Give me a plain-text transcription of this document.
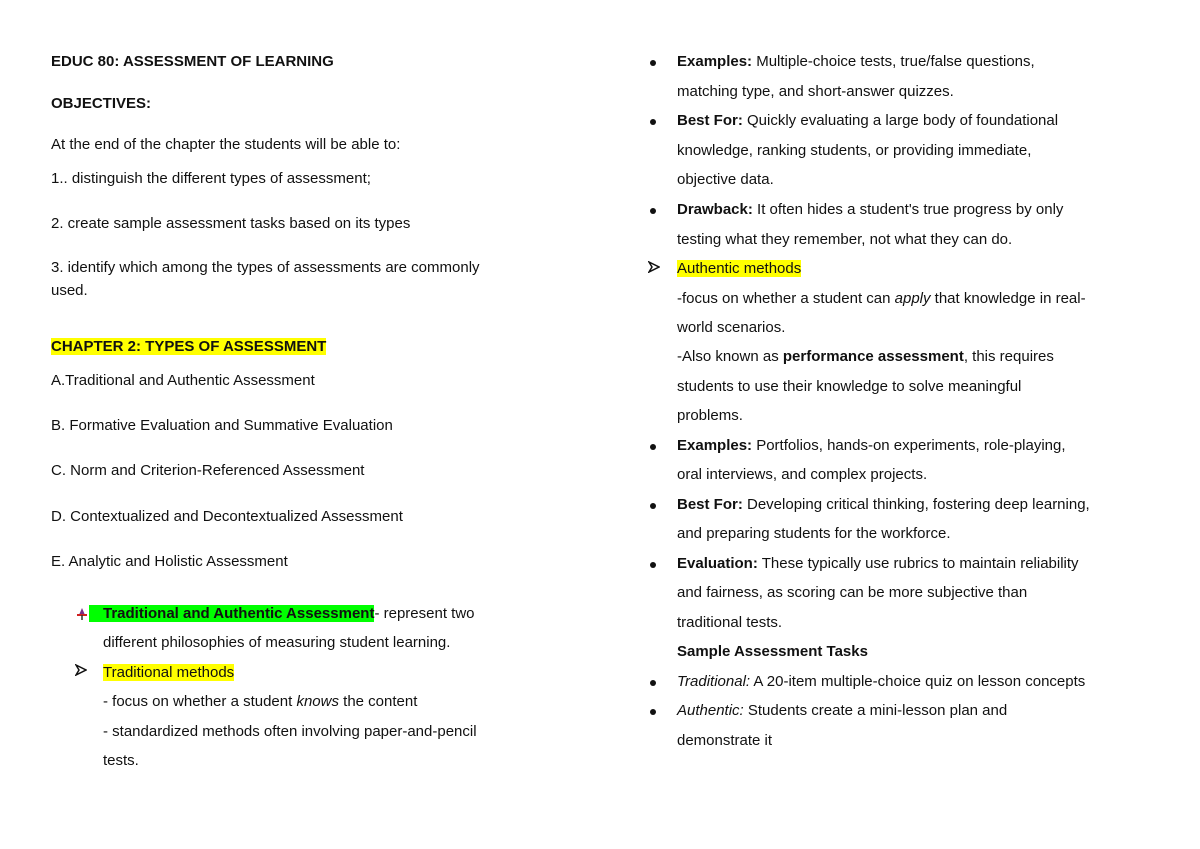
EDUC 80: ASSESSMENT OF LEARNING
OBJECTIVES:
At the end of the chapter the students will be able to:
1.. distinguish the different types of assessment;
2. create sample assessment tasks based on its types
3. identify which among the types of assessments are commonly
used.
CHAPTER 2: TYPES OF ASSESSMENT
A.Traditional and Authentic Assessment
B. Formative Evaluation and Summative Evaluation
C. Norm and Criterion-Referenced Assessment
D. Contextualized and Decontextualized Assessment
E. Analytic and Holistic Assessment
Traditional and Authentic Assessment- represent two
different philosophies of measuring student learning.
Traditional methods
- focus on whether a student knows the content
- standardized methods often involving paper-and-pencil
tests.
Examples: Multiple-choice tests, true/false questions,
matching type, and short-answer quizzes.
Best For: Quickly evaluating a large body of foundational
knowledge, ranking students, or providing immediate,
objective data.
Drawback: It often hides a student's true progress by only
testing what they remember, not what they can do.
Authentic methods
-focus on whether a student can apply that knowledge in real-
world scenarios.
-Also known as performance assessment, this requires
students to use their knowledge to solve meaningful
problems.
Examples: Portfolios, hands-on experiments, role-playing,
oral interviews, and complex projects.
Best For: Developing critical thinking, fostering deep learning,
and preparing students for the workforce.
Evaluation: These typically use rubrics to maintain reliability
and fairness, as scoring can be more subjective than
traditional tests.
Sample Assessment Tasks
Traditional: A 20-item multiple-choice quiz on lesson concepts
Authentic: Students create a mini-lesson plan and
demonstrate it
